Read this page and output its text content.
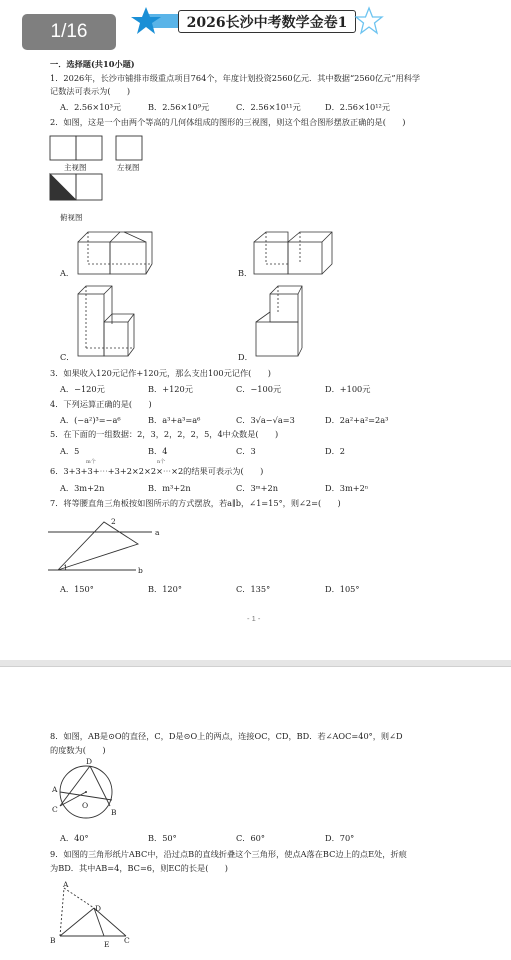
1/16	2026长沙中考数学金卷1
一．选择题(共10小题)
1．2026年，长沙市铺排市级重点项目764个，年度计划投资2560亿元．其中数据“2560亿元”用科学
记数法可表示为(　　)
A．2.56×10³元	B．2.56×10⁹元	C．2.56×10¹¹元	D．2.56×10¹²元
2．如图，这是一个由两个等高的几何体组成的图形的三视图，则这个组合图形摆放正确的是(　　)
主视图	左视图
俯视图
A．	B．
C．	D．
3．如果收入120元记作+120元，那么支出100元记作(　　)
A．−120元	B．+120元	C．−100元	D．+100元
4．下列运算正确的是(　　)
A．(−a²)³=−a⁶	B．a³+a³=a⁶	C．3√a−√a=3	D．2a²+a²=2a³
5．在下面的一组数据：2，3，2，2，2，5，4中众数是(　　)
A．5	B．4	C．3	D．2
m个	n个
6．3+3+3+⋯+3+2×2×2×⋯×2的结果可表示为(　　)
A．3m+2n	B．m³+2n	C．3ᵐ+2n	D．3m+2ⁿ
7．将等腰直角三角板按如图所示的方式摆放，若a∥b，∠1=15°，则∠2=(　　)
a
b
2
1
A．150°	B．120°	C．135°	D．105°
- 1 -
8．如图，AB是⊙O的直径，C，D是⊙O上的两点，连接OC，CD，BD．若∠AOC=40°，则∠D
的度数为(　　)
D
A
C	O
B
A．40°	B．50°	C．60°	D．70°
9．如图的三角形纸片ABC中，沿过点B的直线折叠这个三角形，使点A落在BC边上的点E处，折痕
为BD．其中AB=4，BC=6，则EC的长是(　　)
A
D
B	E C
